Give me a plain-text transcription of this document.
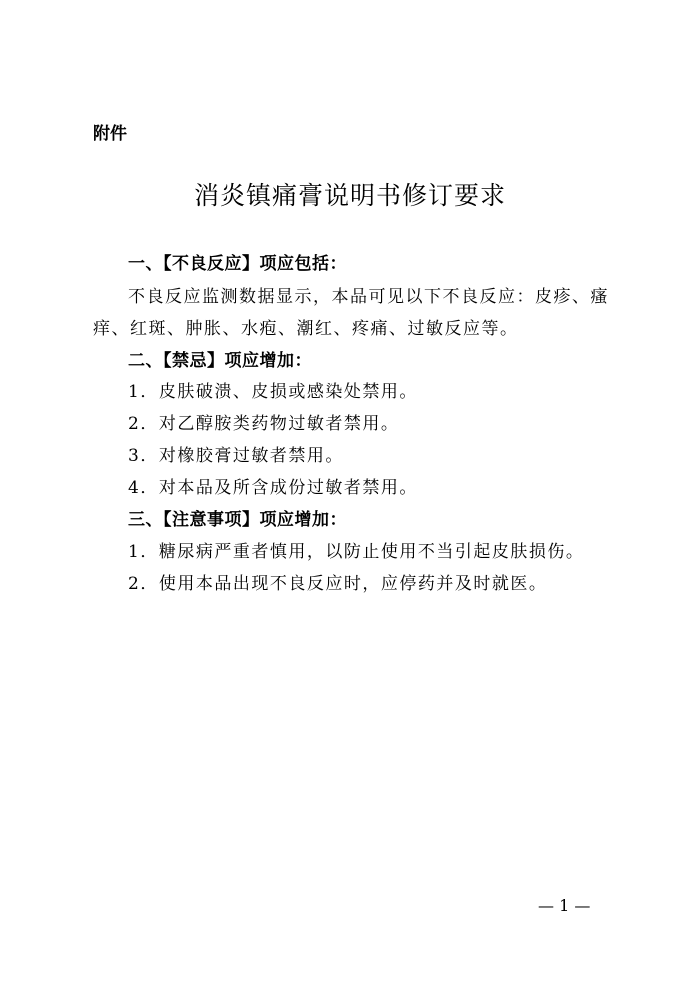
附件
消炎镇痛膏说明书修订要求
一、【不良反应】项应包括：
不良反应监测数据显示，本品可见以下不良反应：皮疹、瘙
痒、红斑、肿胀、水疱、潮红、疼痛、过敏反应等。
二、【禁忌】项应增加：
1．皮肤破溃、皮损或感染处禁用。
2．对乙醇胺类药物过敏者禁用。
3．对橡胶膏过敏者禁用。
4．对本品及所含成份过敏者禁用。
三、【注意事项】项应增加：
1．糖尿病严重者慎用，以防止使用不当引起皮肤损伤。
2．使用本品出现不良反应时，应停药并及时就医。
— 1 —
